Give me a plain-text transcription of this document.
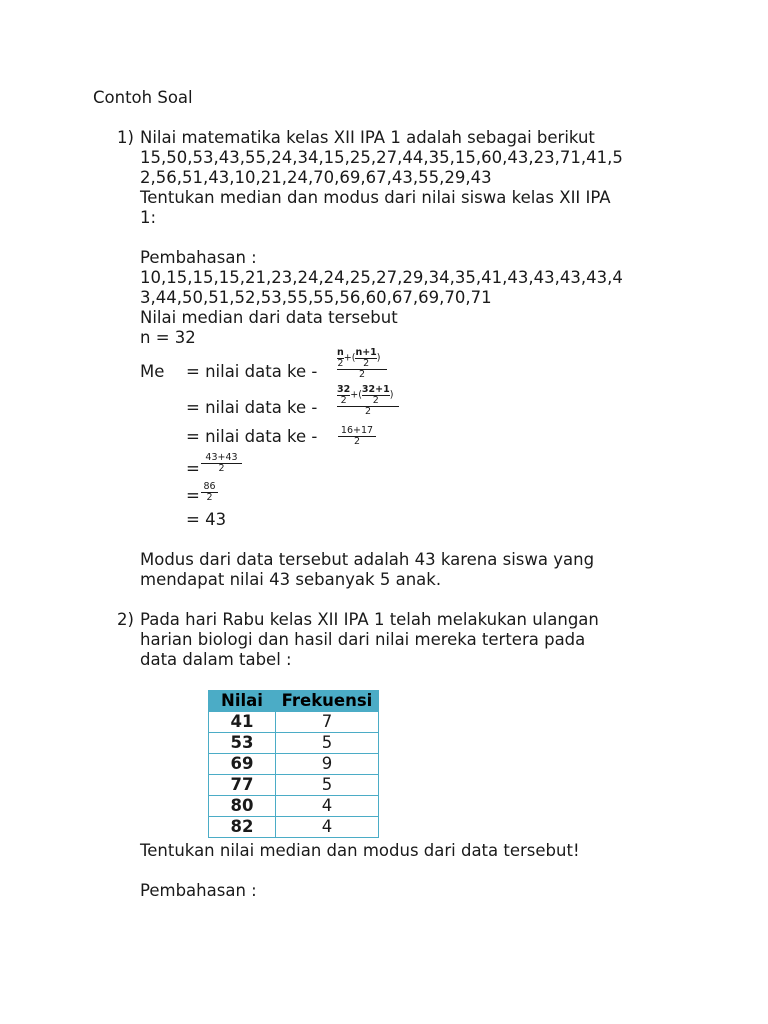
Contoh Soal
1) Nilai matematika kelas XII IPA 1 adalah sebagai berikut
15,50,53,43,55,24,34,15,25,27,44,35,15,60,43,23,71,41,5
2,56,51,43,10,21,24,70,69,67,43,55,29,43
Tentukan median dan modus dari nilai siswa kelas XII IPA
1:
Pembahasan :
10,15,15,15,21,23,24,24,25,27,29,34,35,41,43,43,43,43,4
3,44,50,51,52,53,55,55,56,60,67,69,70,71
Nilai median dari data tersebut
n = 32
Me = nilai data ke -
$\frac{n}{2}$ +( $\frac{n+1}{2}$ )
2
= nilai data ke -
$\frac{32}{2}$ +( $\frac{32+1}{2}$ )
2
= nilai data ke -	16+17
2
=
43+43
2
= 86
2
= 43
Modus dari data tersebut adalah 43 karena siswa yang
mendapat nilai 43 sebanyak 5 anak.
2) Pada hari Rabu kelas XII IPA 1 telah melakukan ulangan
harian biologi dan hasil dari nilai mereka tertera pada
data dalam tabel :
Nilai	Frekuensi
41	7
53	5
69	9
77	5
80	4
82	4
Tentukan nilai median dan modus dari data tersebut!
Pembahasan :
